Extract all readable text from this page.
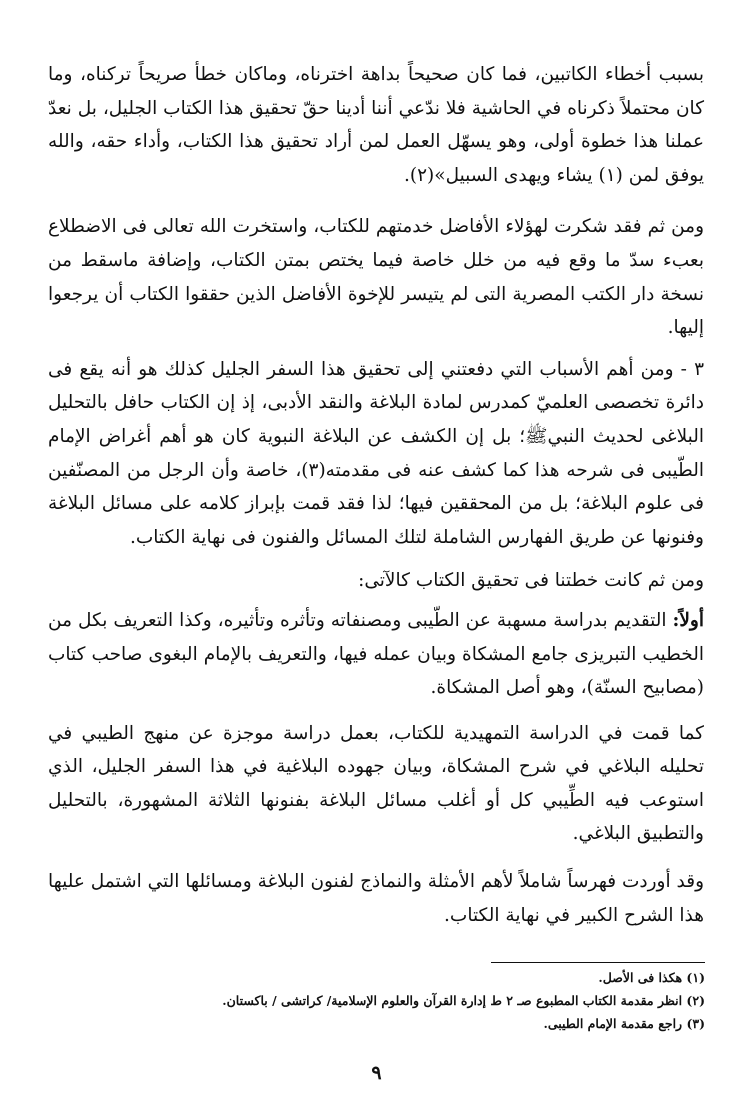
بسبب أخطاء الكاتبين، فما كان صحيحاً بداهة اخترناه، وماكان خطأ صريحاً تركناه، وما كان محتملاً ذكرناه في الحاشية فلا ندّعي أننا أدينا حقّ تحقيق هذا الكتاب الجليل، بل نعدّ عملنا هذا خطوة أولى، وهو يسهّل العمل لمن أراد تحقيق هذا الكتاب، وأداء حقه، والله يوفق لمن (١) يشاء ويهدى السبيل»(٢).

ومن ثم فقد شكرت لهؤلاء الأفاضل خدمتهم للكتاب، واستخرت الله تعالى فى الاضطلاع بعبء سدّ ما وقع فيه من خلل خاصة فيما يختص بمتن الكتاب، وإضافة ماسقط من نسخة دار الكتب المصرية التى لم يتيسر للإخوة الأفاضل الذين حققوا الكتاب أن يرجعوا إليها.

٣ - ومن أهم الأسباب التي دفعتني إلى تحقيق هذا السفر الجليل كذلك هو أنه يقع فى دائرة تخصصى العلميّ كمدرس لمادة البلاغة والنقد الأدبى، إذ إن الكتاب حافل بالتحليل البلاغى لحديث النبيﷺ؛ بل إن الكشف عن البلاغة النبوية كان هو أهم أغراض الإمام الطّيبى فى شرحه هذا كما كشف عنه فى مقدمته(٣)، خاصة وأن الرجل من المصنّفين فى علوم البلاغة؛ بل من المحققين فيها؛ لذا فقد قمت بإبراز كلامه على مسائل البلاغة وفنونها عن طريق الفهارس الشاملة لتلك المسائل والفنون فى نهاية الكتاب.

ومن ثم كانت خطتنا فى تحقيق الكتاب كالآتى:

أولاً: التقديم بدراسة مسهبة عن الطّيبى ومصنفاته وتأثره وتأثيره، وكذا التعريف بكل من الخطيب التبريزى جامع المشكاة وبيان عمله فيها، والتعريف بالإمام البغوى صاحب كتاب (مصابيح السنّة)، وهو أصل المشكاة.

كما قمت في الدراسة التمهيدية للكتاب، بعمل دراسة موجزة عن منهج الطيبي في تحليله البلاغي في شرح المشكاة، وبيان جهوده البلاغية في هذا السفر الجليل، الذي استوعب فيه الطِّيبي كل أو أغلب مسائل البلاغة بفنونها الثلاثة المشهورة، بالتحليل والتطبيق البلاغي.

وقد أوردت فهرساً شاملاً لأهم الأمثلة والنماذج لفنون البلاغة ومسائلها التي اشتمل عليها هذا الشرح الكبير في نهاية الكتاب.

(١) هكذا فى الأصل.
(٢) انظر مقدمة الكتاب المطبوع صـ ٢ ط إدارة القرآن والعلوم الإسلامية/ كراتشى / باكستان.
(٣) راجع مقدمة الإمام الطيبى.
٩
